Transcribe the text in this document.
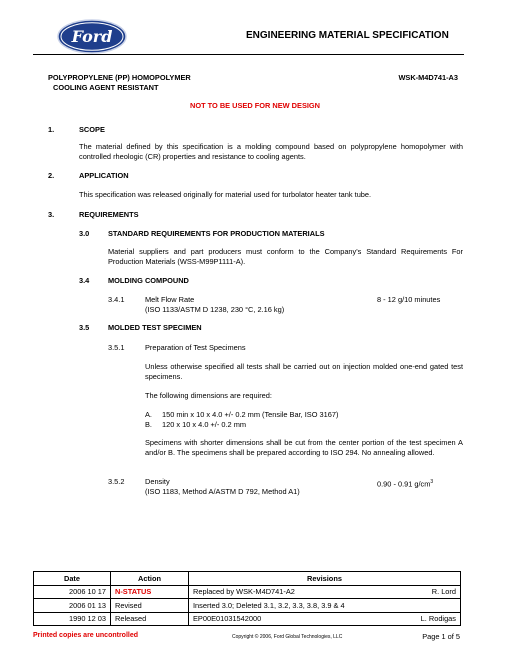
Ford	ENGINEERING MATERIAL SPECIFICATION
POLYPROPYLENE (PP) HOMOPOLYMER
COOLING AGENT RESISTANT
WSK-M4D741-A3
NOT TO BE USED FOR NEW DESIGN
1.	SCOPE
The material defined by this specification is a molding compound based on polypropylene homopolymer with controlled rheologic (CR) properties and resistance to cooling agents.
2.	APPLICATION
This specification was released originally for material used for turbolator heater tank tube.
3.	REQUIREMENTS
3.0	STANDARD REQUIREMENTS FOR PRODUCTION MATERIALS
Material suppliers and part producers must conform to the Company's Standard Requirements For Production Materials (WSS-M99P1111-A).
3.4	MOLDING COMPOUND
3.4.1	Melt Flow Rate	8 - 12 g/10 minutes
(ISO 1133/ASTM D 1238, 230 °C, 2.16 kg)
3.5	MOLDED TEST SPECIMEN
3.5.1	Preparation of Test Specimens
Unless otherwise specified all tests shall be carried out on injection molded one-end gated test specimens.
The following dimensions are required:
A. 150 min x 10 x 4.0 +/- 0.2 mm (Tensile Bar, ISO 3167)
B. 120 x 10 x 4.0 +/- 0.2 mm
Specimens with shorter dimensions shall be cut from the center portion of the test specimen A and/or B. The specimens shall be prepared according to ISO 294. No annealing allowed.
3.5.2	Density	0.90 - 0.91 $g/cm^3$
(ISO 1183, Method A/ASTM D 792, Method A1)
Date	Action	Revisions
2006 10 17	N-STATUS	Replaced by WSK-M4D741-A2 R. Lord

2006 01 13	Revised	Inserted 3.0; Deleted 3.1, 3.2, 3.3, 3.8, 3.9 & 4

1990 12 03	Released	EP00E01031542000 L. Rodigas
Printed copies are uncontrolled	Copyright © 2006, Ford Global Technologies, LLC	Page 1 of 5
